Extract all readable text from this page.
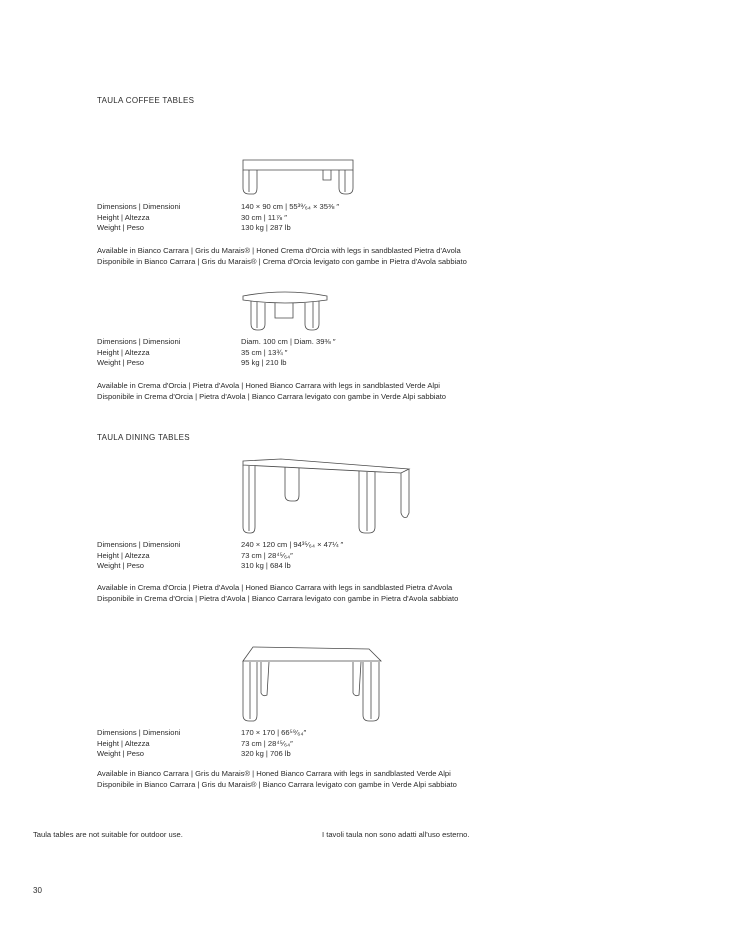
TAULA COFFEE TABLES
Dimensions | Dimensioni	140 × 90 cm | 55³⁹⁄₆₄ × 35⅜ ″
Height | Altezza	30 cm | 11⅞ ″
Weight | Peso	130 kg | 287 lb
Available in Bianco Carrara | Gris du Marais® | Honed Crema d'Orcia with legs in sandblasted Pietra d'Avola
Disponibile in Bianco Carrara | Gris du Marais® | Crema d'Orcia levigato con gambe in Pietra d'Avola sabbiato
Dimensions | Dimensioni	Diam. 100 cm | Diam. 39⅜ ″
Height | Altezza	35 cm | 13¾ ″
Weight | Peso	95 kg | 210 lb
Available in Crema d'Orcia | Pietra d'Avola | Honed Bianco Carrara with legs in sandblasted Verde Alpi
Disponibile in Crema d'Orcia | Pietra d'Avola | Bianco Carrara levigato con gambe in Verde Alpi sabbiato
TAULA DINING TABLES
Dimensions | Dimensioni	240 × 120 cm | 94³⁵⁄₆₄ × 47¼ ″
Height | Altezza	73 cm | 28⁴⁵⁄₆₄″
Weight | Peso	310 kg | 684 lb
Available in Crema d'Orcia | Pietra d'Avola | Honed Bianco Carrara with legs in sandblasted Pietra d'Avola
Disponibile in Crema d'Orcia | Pietra d'Avola | Bianco Carrara levigato con gambe in Pietra d'Avola sabbiato
Dimensions | Dimensioni	170 × 170 | 66⁵⁹⁄₆₄″
Height | Altezza	73 cm | 28⁴⁵⁄₆₄″
Weight | Peso	320 kg | 706 lb
Available in Bianco Carrara | Gris du Marais® | Honed Bianco Carrara with legs in sandblasted Verde Alpi
Disponibile in Bianco Carrara | Gris du Marais® | Bianco Carrara levigato con gambe in Verde Alpi sabbiato
Taula tables are not suitable for outdoor use.	I tavoli taula non sono adatti all'uso esterno.
30
